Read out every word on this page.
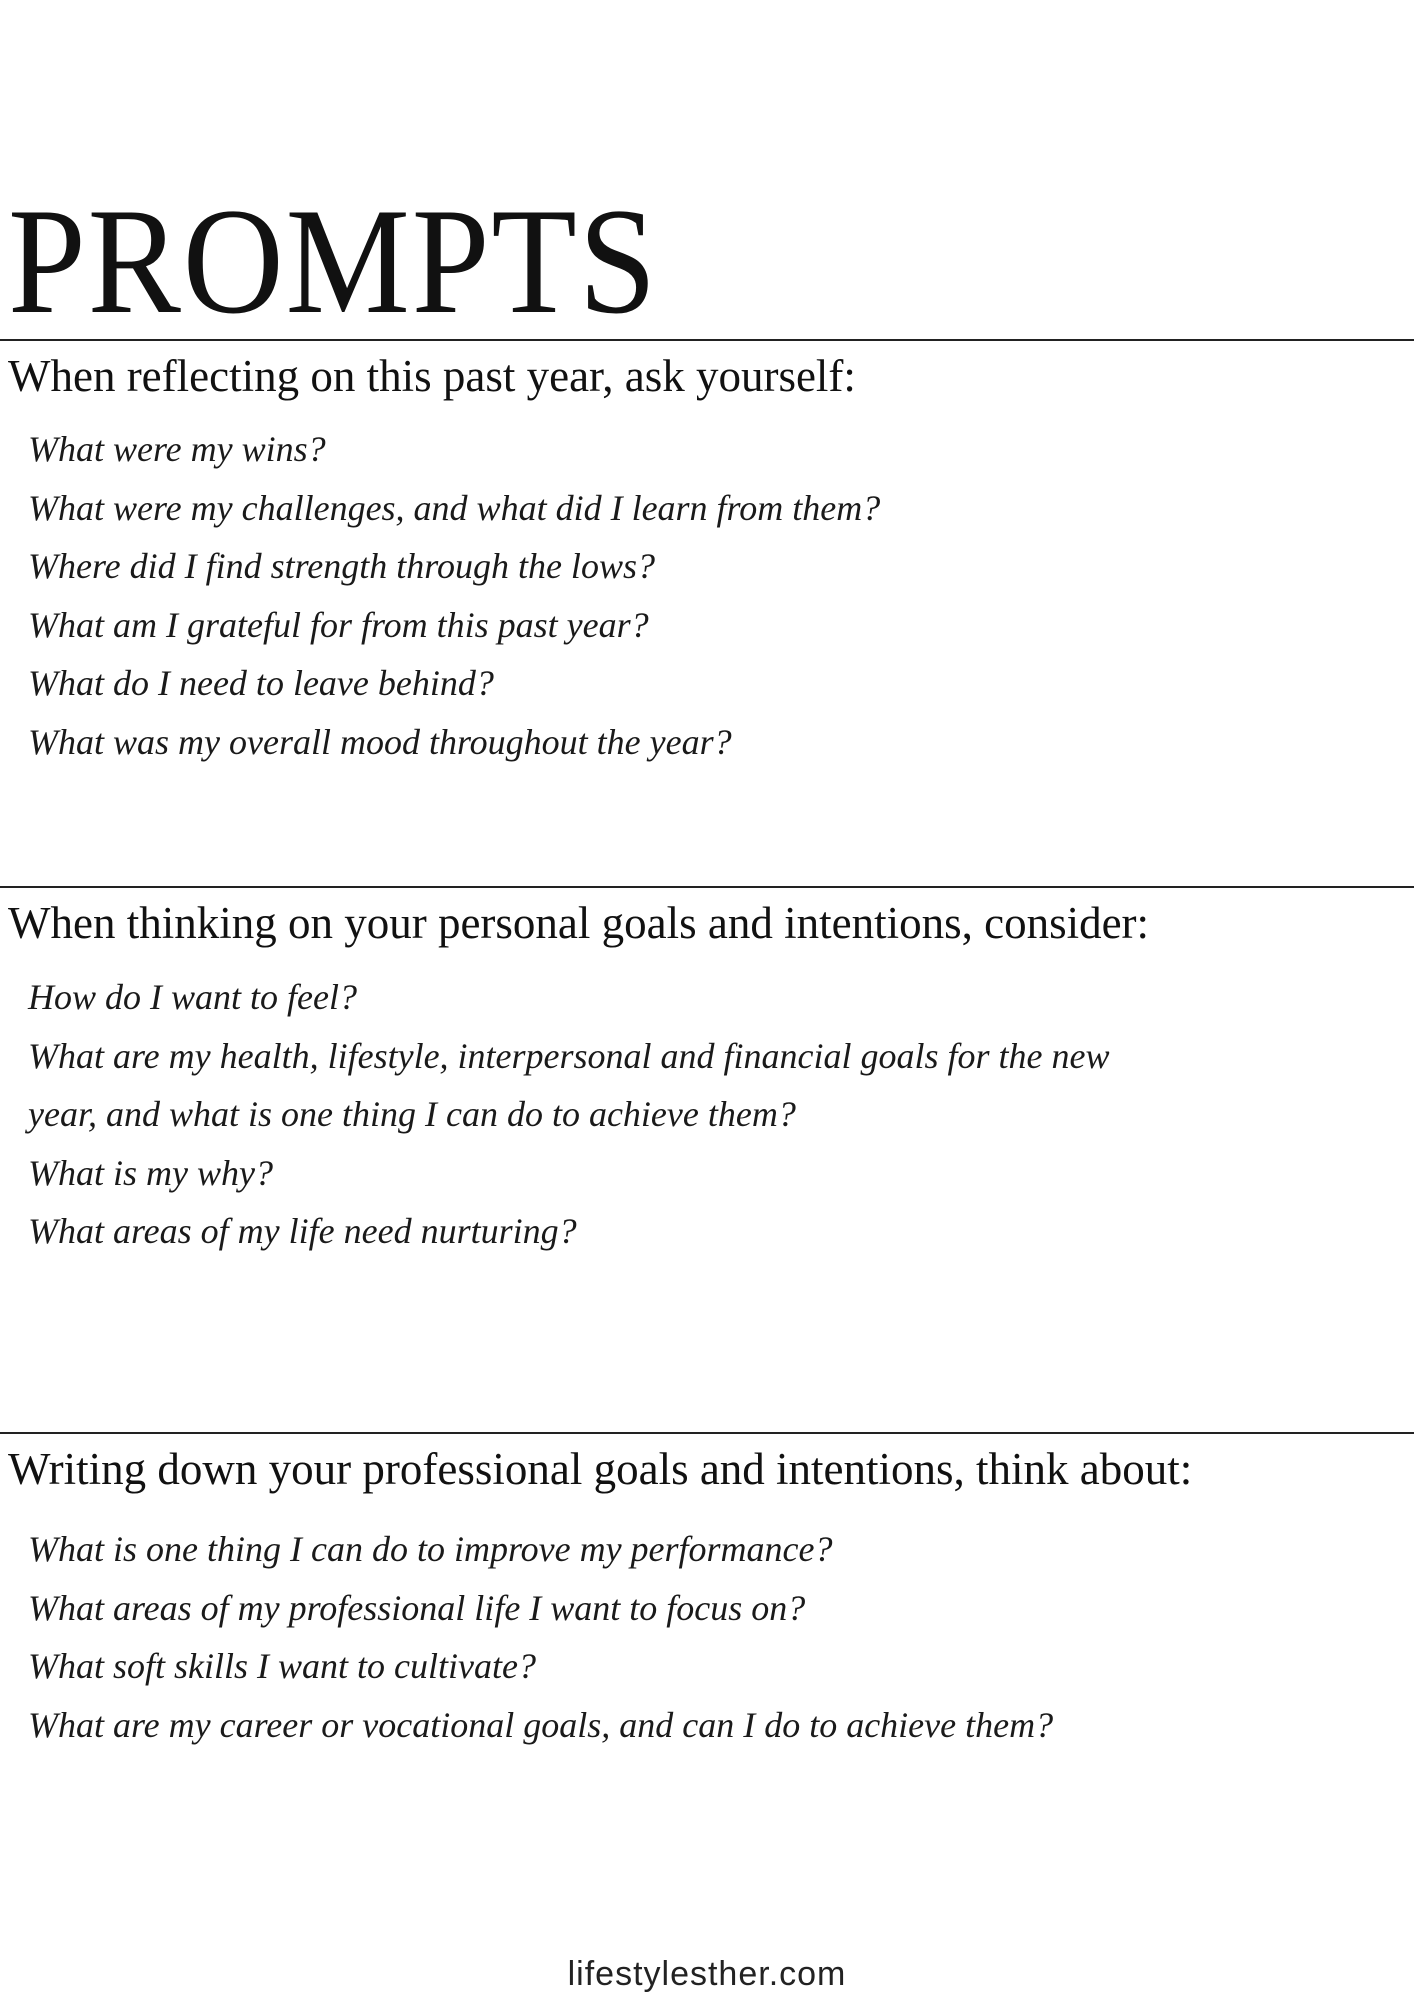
PROMPTS
When reflecting on this past year, ask yourself:
What were my wins?
What were my challenges, and what did I learn from them?
Where did I find strength through the lows?
What am I grateful for from this past year?
What do I need to leave behind?
What was my overall mood throughout the year?
When thinking on your personal goals and intentions, consider:
How do I want to feel?
What are my health, lifestyle, interpersonal and financial goals for the new
year, and what is one thing I can do to achieve them?
What is my why?
What areas of my life need nurturing?
Writing down your professional goals and intentions, think about:
What is one thing I can do to improve my performance?
What areas of my professional life I want to focus on?
What soft skills I want to cultivate?
What are my career or vocational goals, and can I do to achieve them?
lifestylesther.com
